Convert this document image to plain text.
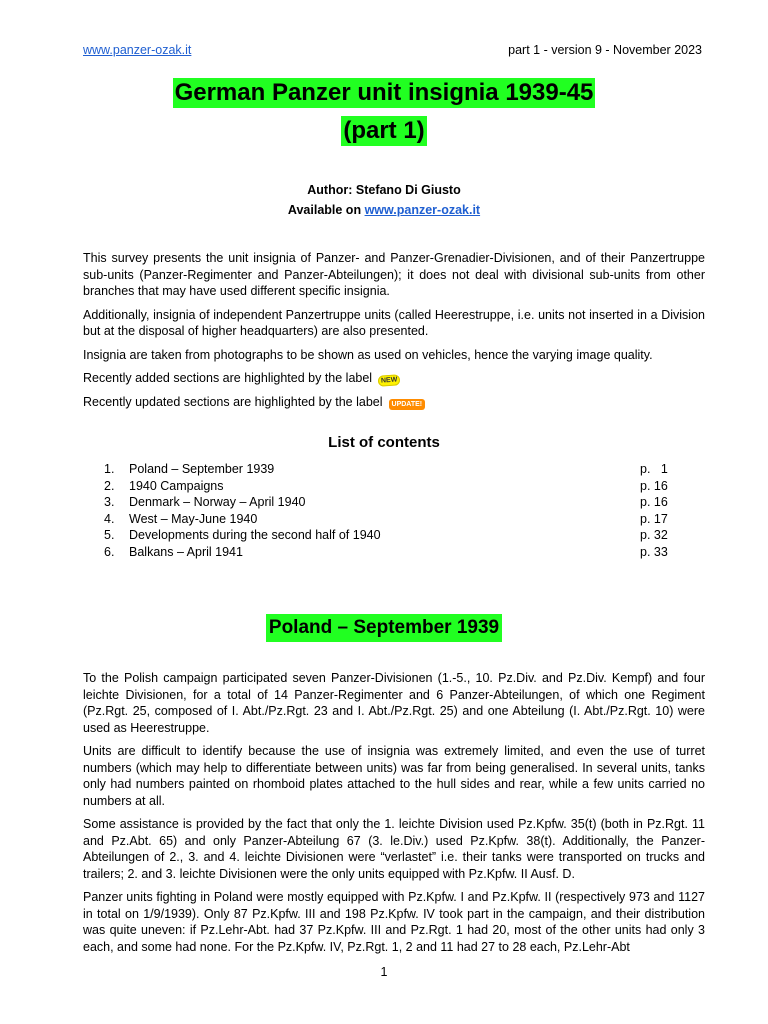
www.panzer-ozak.it	part 1 - version 9 - November 2023
German Panzer unit insignia 1939-45
(part 1)
Author: Stefano Di Giusto
Available on www.panzer-ozak.it

This survey presents the unit insignia of Panzer- and Panzer-Grenadier-Divisionen, and of their Panzertruppe sub-units (Panzer-Regimenter and Panzer-Abteilungen); it does not deal with divisional sub-units from other branches that may have used different specific insignia.

Additionally, insignia of independent Panzertruppe units (called Heerestruppe, i.e. units not inserted in a Division but at the disposal of higher headquarters) are also presented.

Insignia are taken from photographs to be shown as used on vehicles, hence the varying image quality.

Recently added sections are highlighted by the label NEW

Recently updated sections are highlighted by the label UPDATE!

List of contents
1.	Poland – September 1939	p.   1
2.	1940 Campaigns	p. 16
3.	Denmark – Norway – April 1940	p. 16
4.	West – May-June 1940	p. 17
5.	Developments during the second half of 1940	p. 32
6.	Balkans – April 1941	p. 33
Poland – September 1939

To the Polish campaign participated seven Panzer-Divisionen (1.-5., 10. Pz.Div. and Pz.Div. Kempf) and four leichte Divisionen, for a total of 14 Panzer-Regimenter and 6 Panzer-Abteilungen, of which one Regiment (Pz.Rgt. 25, composed of I. Abt./Pz.Rgt. 23 and I. Abt./Pz.Rgt. 25) and one Abteilung (I. Abt./Pz.Rgt. 10) were used as Heerestruppe.

Units are difficult to identify because the use of insignia was extremely limited, and even the use of turret numbers (which may help to differentiate between units) was far from being generalised. In several units, tanks only had numbers painted on rhomboid plates attached to the hull sides and rear, while a few units carried no numbers at all.

Some assistance is provided by the fact that only the 1. leichte Division used Pz.Kpfw. 35(t) (both in Pz.Rgt. 11 and Pz.Abt. 65) and only Panzer-Abteilung 67 (3. le.Div.) used Pz.Kpfw. 38(t). Additionally, the Panzer-Abteilungen of 2., 3. and 4. leichte Divisionen were “verlastet” i.e. their tanks were transported on trucks and trailers; 2. and 3. leichte Divisionen were the only units equipped with Pz.Kpfw. II Ausf. D.

Panzer units fighting in Poland were mostly equipped with Pz.Kpfw. I and Pz.Kpfw. II (respectively 973 and 1127 in total on 1/9/1939). Only 87 Pz.Kpfw. III and 198 Pz.Kpfw. IV took part in the campaign, and their distribution was quite uneven: if Pz.Lehr-Abt. had 37 Pz.Kpfw. III and Pz.Rgt. 1 had 20, most of the other units had only 3 each, and some had none. For the Pz.Kpfw. IV, Pz.Rgt. 1, 2 and 11 had 27 to 28 each, Pz.Lehr-Abt

1
